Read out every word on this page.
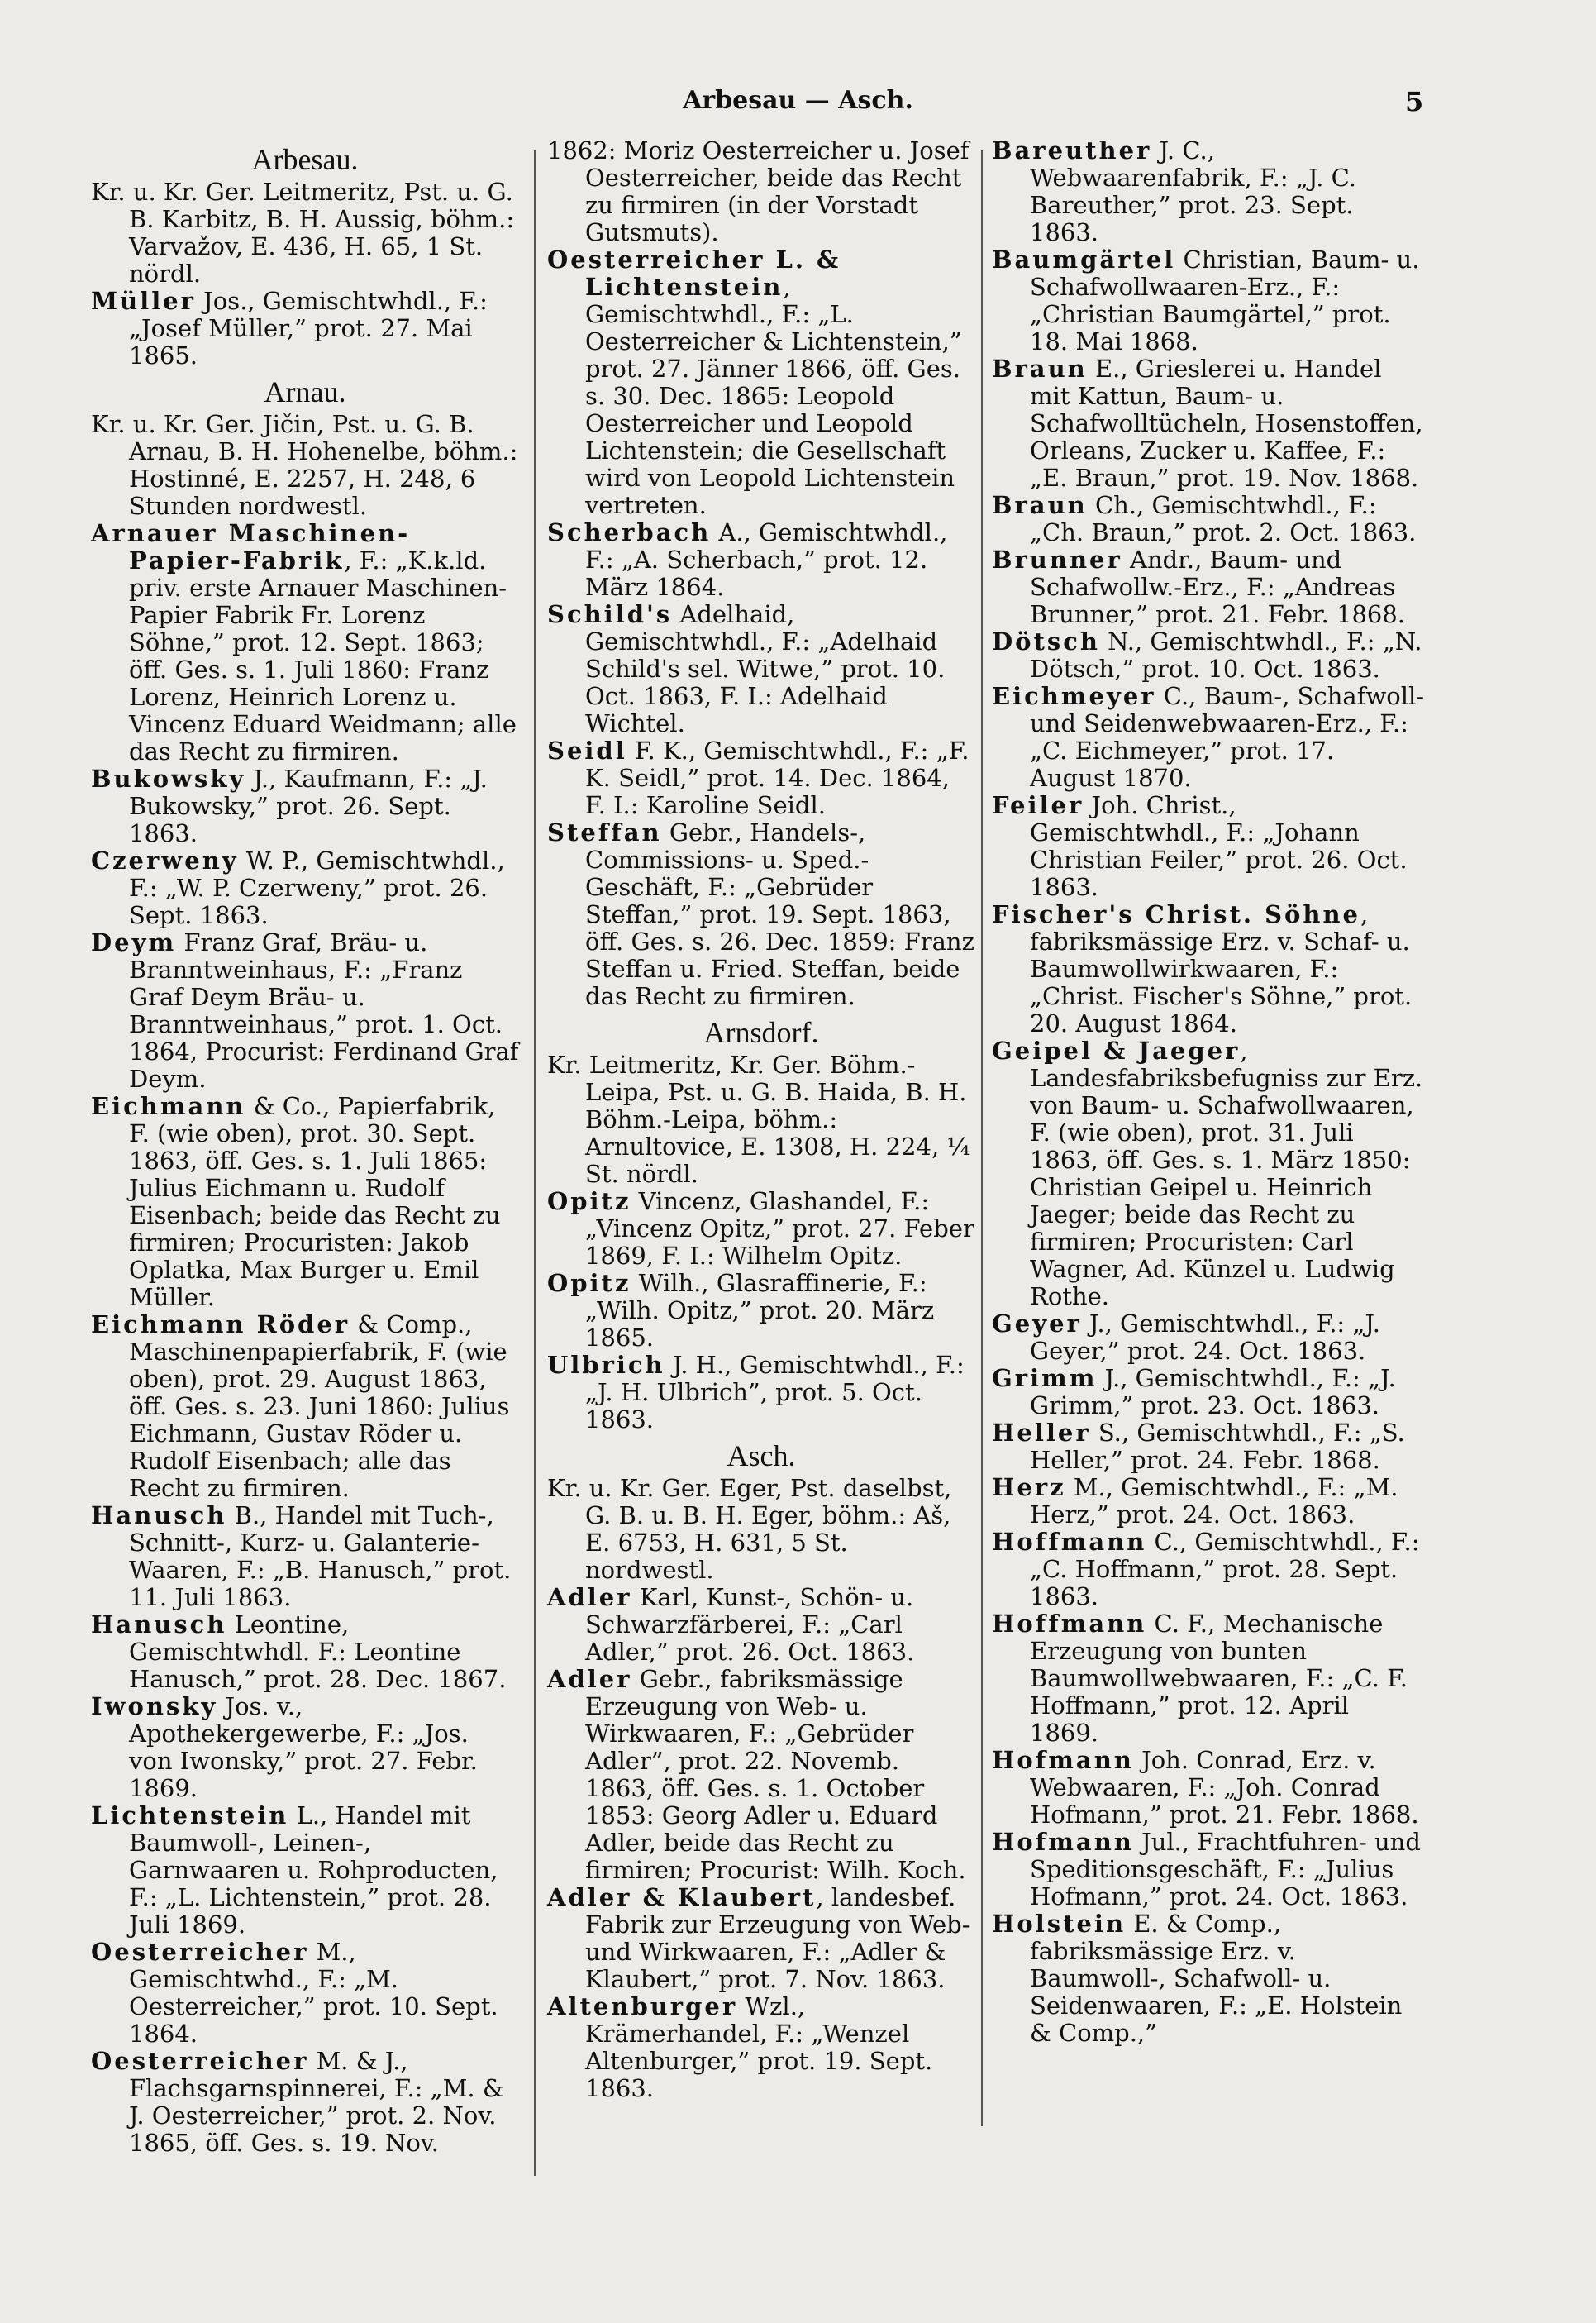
Arbesau — Asch.	5
Arbesau.

Kr. u. Kr. Ger. Leitmeritz, Pst. u. G. B. Karbitz, B. H. Aussig, böhm.: Varvažov, E. 436, H. 65, 1 St. nördl.

Müller Jos., Gemischtwhdl., F.: „Josef Müller,” prot. 27. Mai 1865.

Arnau.

Kr. u. Kr. Ger. Jičin, Pst. u. G. B. Arnau, B. H. Hohenelbe, böhm.: Hostinné, E. 2257, H. 248, 6 Stunden nordwestl.

Arnauer Maschinen-Papier-Fabrik, F.: „K.k.ld. priv. erste Arnauer Maschinen-Papier Fabrik Fr. Lorenz Söhne,” prot. 12. Sept. 1863; öff. Ges. s. 1. Juli 1860: Franz Lorenz, Heinrich Lorenz u. Vincenz Eduard Weidmann; alle das Recht zu firmiren.

Bukowsky J., Kaufmann, F.: „J. Bukowsky,” prot. 26. Sept. 1863.

Czerweny W. P., Gemischtwhdl., F.: „W. P. Czerweny,” prot. 26. Sept. 1863.

Deym Franz Graf, Bräu- u. Branntweinhaus, F.: „Franz Graf Deym Bräu- u. Branntweinhaus,” prot. 1. Oct. 1864, Procurist: Ferdinand Graf Deym.

Eichmann & Co., Papierfabrik, F. (wie oben), prot. 30. Sept. 1863, öff. Ges. s. 1. Juli 1865: Julius Eichmann u. Rudolf Eisenbach; beide das Recht zu firmiren; Procuristen: Jakob Oplatka, Max Burger u. Emil Müller.

Eichmann Röder & Comp., Maschinenpapierfabrik, F. (wie oben), prot. 29. August 1863, öff. Ges. s. 23. Juni 1860: Julius Eichmann, Gustav Röder u. Rudolf Eisenbach; alle das Recht zu firmiren.

Hanusch B., Handel mit Tuch-, Schnitt-, Kurz- u. Galanterie-Waaren, F.: „B. Hanusch,” prot. 11. Juli 1863.

Hanusch Leontine, Gemischtwhdl. F.: Leontine Hanusch,” prot. 28. Dec. 1867.

Iwonsky Jos. v., Apothekergewerbe, F.: „Jos. von Iwonsky,” prot. 27. Febr. 1869.

Lichtenstein L., Handel mit Baumwoll-, Leinen-, Garnwaaren u. Rohproducten, F.: „L. Lichtenstein,” prot. 28. Juli 1869.

Oesterreicher M., Gemischtwhd., F.: „M. Oesterreicher,” prot. 10. Sept. 1864.

Oesterreicher M. & J., Flachsgarnspinnerei, F.: „M. & J. Oesterreicher,” prot. 2. Nov. 1865, öff. Ges. s. 19. Nov.

1862: Moriz Oesterreicher u. Josef Oesterreicher, beide das Recht zu firmiren (in der Vorstadt Gutsmuts).

Oesterreicher L. & Lichtenstein, Gemischtwhdl., F.: „L. Oesterreicher & Lichtenstein,” prot. 27. Jänner 1866, öff. Ges. s. 30. Dec. 1865: Leopold Oesterreicher und Leopold Lichtenstein; die Gesellschaft wird von Leopold Lichtenstein vertreten.

Scherbach A., Gemischtwhdl., F.: „A. Scherbach,” prot. 12. März 1864.

Schild's Adelhaid, Gemischtwhdl., F.: „Adelhaid Schild's sel. Witwe,” prot. 10. Oct. 1863, F. I.: Adelhaid Wichtel.

Seidl F. K., Gemischtwhdl., F.: „F. K. Seidl,” prot. 14. Dec. 1864, F. I.: Karoline Seidl.

Steffan Gebr., Handels-, Commissions- u. Sped.-Geschäft, F.: „Gebrüder Steffan,” prot. 19. Sept. 1863, öff. Ges. s. 26. Dec. 1859: Franz Steffan u. Fried. Steffan, beide das Recht zu firmiren.

Arnsdorf.

Kr. Leitmeritz, Kr. Ger. Böhm.-Leipa, Pst. u. G. B. Haida, B. H. Böhm.-Leipa, böhm.: Arnultovice, E. 1308, H. 224, ¼ St. nördl.

Opitz Vincenz, Glashandel, F.: „Vincenz Opitz,” prot. 27. Feber 1869, F. I.: Wilhelm Opitz.

Opitz Wilh., Glasraffinerie, F.: „Wilh. Opitz,” prot. 20. März 1865.

Ulbrich J. H., Gemischtwhdl., F.: „J. H. Ulbrich”, prot. 5. Oct. 1863.

Asch.

Kr. u. Kr. Ger. Eger, Pst. daselbst, G. B. u. B. H. Eger, böhm.: Aš, E. 6753, H. 631, 5 St. nordwestl.

Adler Karl, Kunst-, Schön- u. Schwarzfärberei, F.: „Carl Adler,” prot. 26. Oct. 1863.

Adler Gebr., fabriksmässige Erzeugung von Web- u. Wirkwaaren, F.: „Gebrüder Adler”, prot. 22. Novemb. 1863, öff. Ges. s. 1. October 1853: Georg Adler u. Eduard Adler, beide das Recht zu firmiren; Procurist: Wilh. Koch.

Adler & Klaubert, landesbef. Fabrik zur Erzeugung von Web- und Wirkwaaren, F.: „Adler & Klaubert,” prot. 7. Nov. 1863.

Altenburger Wzl., Krämerhandel, F.: „Wenzel Altenburger,” prot. 19. Sept. 1863.

Bareuther J. C., Webwaarenfabrik, F.: „J. C. Bareuther,” prot. 23. Sept. 1863.

Baumgärtel Christian, Baum- u. Schafwollwaaren-Erz., F.: „Christian Baumgärtel,” prot. 18. Mai 1868.

Braun E., Grieslerei u. Handel mit Kattun, Baum- u. Schafwolltücheln, Hosenstoffen, Orleans, Zucker u. Kaffee, F.: „E. Braun,” prot. 19. Nov. 1868.

Braun Ch., Gemischtwhdl., F.: „Ch. Braun,” prot. 2. Oct. 1863.

Brunner Andr., Baum- und Schafwollw.-Erz., F.: „Andreas Brunner,” prot. 21. Febr. 1868.

Dötsch N., Gemischtwhdl., F.: „N. Dötsch,” prot. 10. Oct. 1863.

Eichmeyer C., Baum-, Schafwoll- und Seidenwebwaaren-Erz., F.: „C. Eichmeyer,” prot. 17. August 1870.

Feiler Joh. Christ., Gemischtwhdl., F.: „Johann Christian Feiler,” prot. 26. Oct. 1863.

Fischer's Christ. Söhne, fabriksmässige Erz. v. Schaf- u. Baumwollwirkwaaren, F.: „Christ. Fischer's Söhne,” prot. 20. August 1864.

Geipel & Jaeger, Landesfabriksbefugniss zur Erz. von Baum- u. Schafwollwaaren, F. (wie oben), prot. 31. Juli 1863, öff. Ges. s. 1. März 1850: Christian Geipel u. Heinrich Jaeger; beide das Recht zu firmiren; Procuristen: Carl Wagner, Ad. Künzel u. Ludwig Rothe.

Geyer J., Gemischtwhdl., F.: „J. Geyer,” prot. 24. Oct. 1863.

Grimm J., Gemischtwhdl., F.: „J. Grimm,” prot. 23. Oct. 1863.

Heller S., Gemischtwhdl., F.: „S. Heller,” prot. 24. Febr. 1868.

Herz M., Gemischtwhdl., F.: „M. Herz,” prot. 24. Oct. 1863.

Hoffmann C., Gemischtwhdl., F.: „C. Hoffmann,” prot. 28. Sept. 1863.

Hoffmann C. F., Mechanische Erzeugung von bunten Baumwollwebwaaren, F.: „C. F. Hoffmann,” prot. 12. April 1869.

Hofmann Joh. Conrad, Erz. v. Webwaaren, F.: „Joh. Conrad Hofmann,” prot. 21. Febr. 1868.

Hofmann Jul., Frachtfuhren- und Speditionsgeschäft, F.: „Julius Hofmann,” prot. 24. Oct. 1863.

Holstein E. & Comp., fabriksmässige Erz. v. Baumwoll-, Schafwoll- u. Seidenwaaren, F.: „E. Holstein & Comp.,”
